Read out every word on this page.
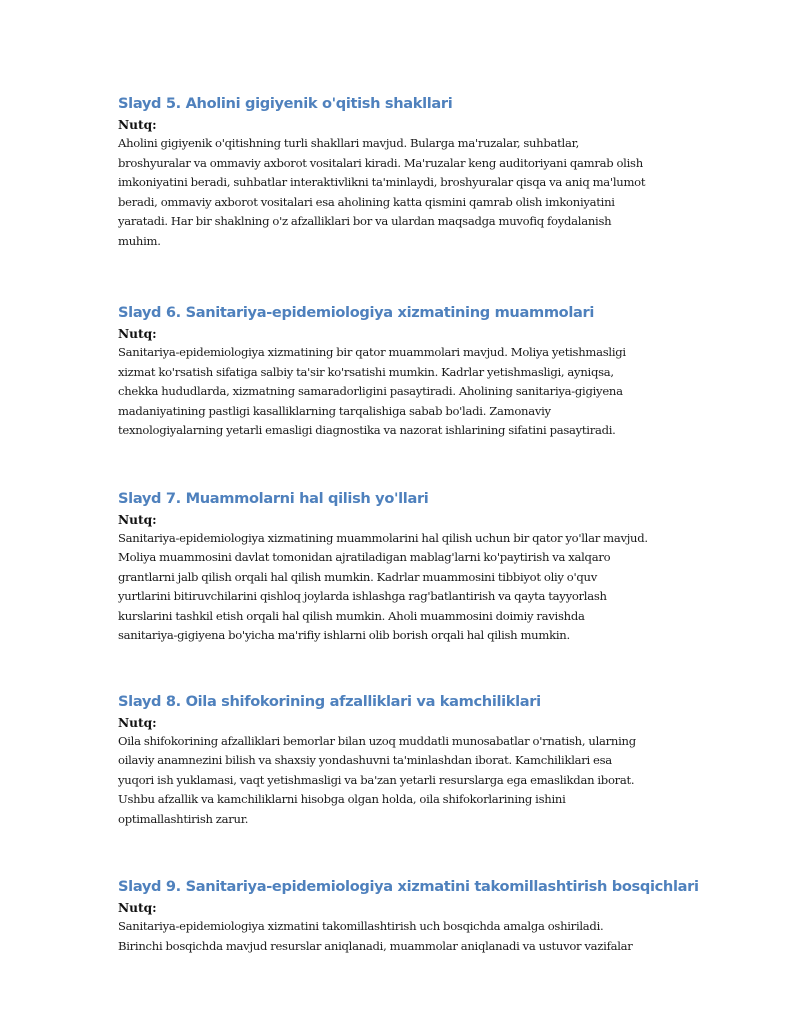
Slayd 5. Aholini gigiyenik o'qitish shakllari
Nutq:

Aholini gigiyenik o'qitishning turli shakllari mavjud. Bularga ma'ruzalar, suhbatlar,
broshyuralar va ommaviy axborot vositalari kiradi. Ma'ruzalar keng auditoriyani qamrab olish
imkoniyatini beradi, suhbatlar interaktivlikni ta'minlaydi, broshyuralar qisqa va aniq ma'lumot
beradi, ommaviy axborot vositalari esa aholining katta qismini qamrab olish imkoniyatini
yaratadi. Har bir shaklning o'z afzalliklari bor va ulardan maqsadga muvofiq foydalanish
muhim.

Slayd 6. Sanitariya-epidemiologiya xizmatining muammolari
Nutq:

Sanitariya-epidemiologiya xizmatining bir qator muammolari mavjud. Moliya yetishmasligi
xizmat ko'rsatish sifatiga salbiy ta'sir ko'rsatishi mumkin. Kadrlar yetishmasligi, ayniqsa,
chekka hududlarda, xizmatning samaradorligini pasaytiradi. Aholining sanitariya-gigiyena
madaniyatining pastligi kasalliklarning tarqalishiga sabab bo'ladi. Zamonaviy
texnologiyalarning yetarli emasligi diagnostika va nazorat ishlarining sifatini pasaytiradi.

Slayd 7. Muammolarni hal qilish yo'llari
Nutq:

Sanitariya-epidemiologiya xizmatining muammolarini hal qilish uchun bir qator yo'llar mavjud.
Moliya muammosini davlat tomonidan ajratiladigan mablag'larni ko'paytirish va xalqaro
grantlarni jalb qilish orqali hal qilish mumkin. Kadrlar muammosini tibbiyot oliy o'quv
yurtlarini bitiruvchilarini qishloq joylarda ishlashga rag'batlantirish va qayta tayyorlash
kurslarini tashkil etish orqali hal qilish mumkin. Aholi muammosini doimiy ravishda
sanitariya-gigiyena bo'yicha ma'rifiy ishlarni olib borish orqali hal qilish mumkin.

Slayd 8. Oila shifokorining afzalliklari va kamchiliklari
Nutq:

Oila shifokorining afzalliklari bemorlar bilan uzoq muddatli munosabatlar o'rnatish, ularning
oilaviy anamnezini bilish va shaxsiy yondashuvni ta'minlashdan iborat. Kamchiliklari esa
yuqori ish yuklamasi, vaqt yetishmasligi va ba'zan yetarli resurslarga ega emaslikdan iborat.
Ushbu afzallik va kamchiliklarni hisobga olgan holda, oila shifokorlarining ishini
optimallashtirish zarur.

Slayd 9. Sanitariya-epidemiologiya xizmatini takomillashtirish bosqichlari
Nutq:

Sanitariya-epidemiologiya xizmatini takomillashtirish uch bosqichda amalga oshiriladi.
Birinchi bosqichda mavjud resurslar aniqlanadi, muammolar aniqlanadi va ustuvor vazifalar
